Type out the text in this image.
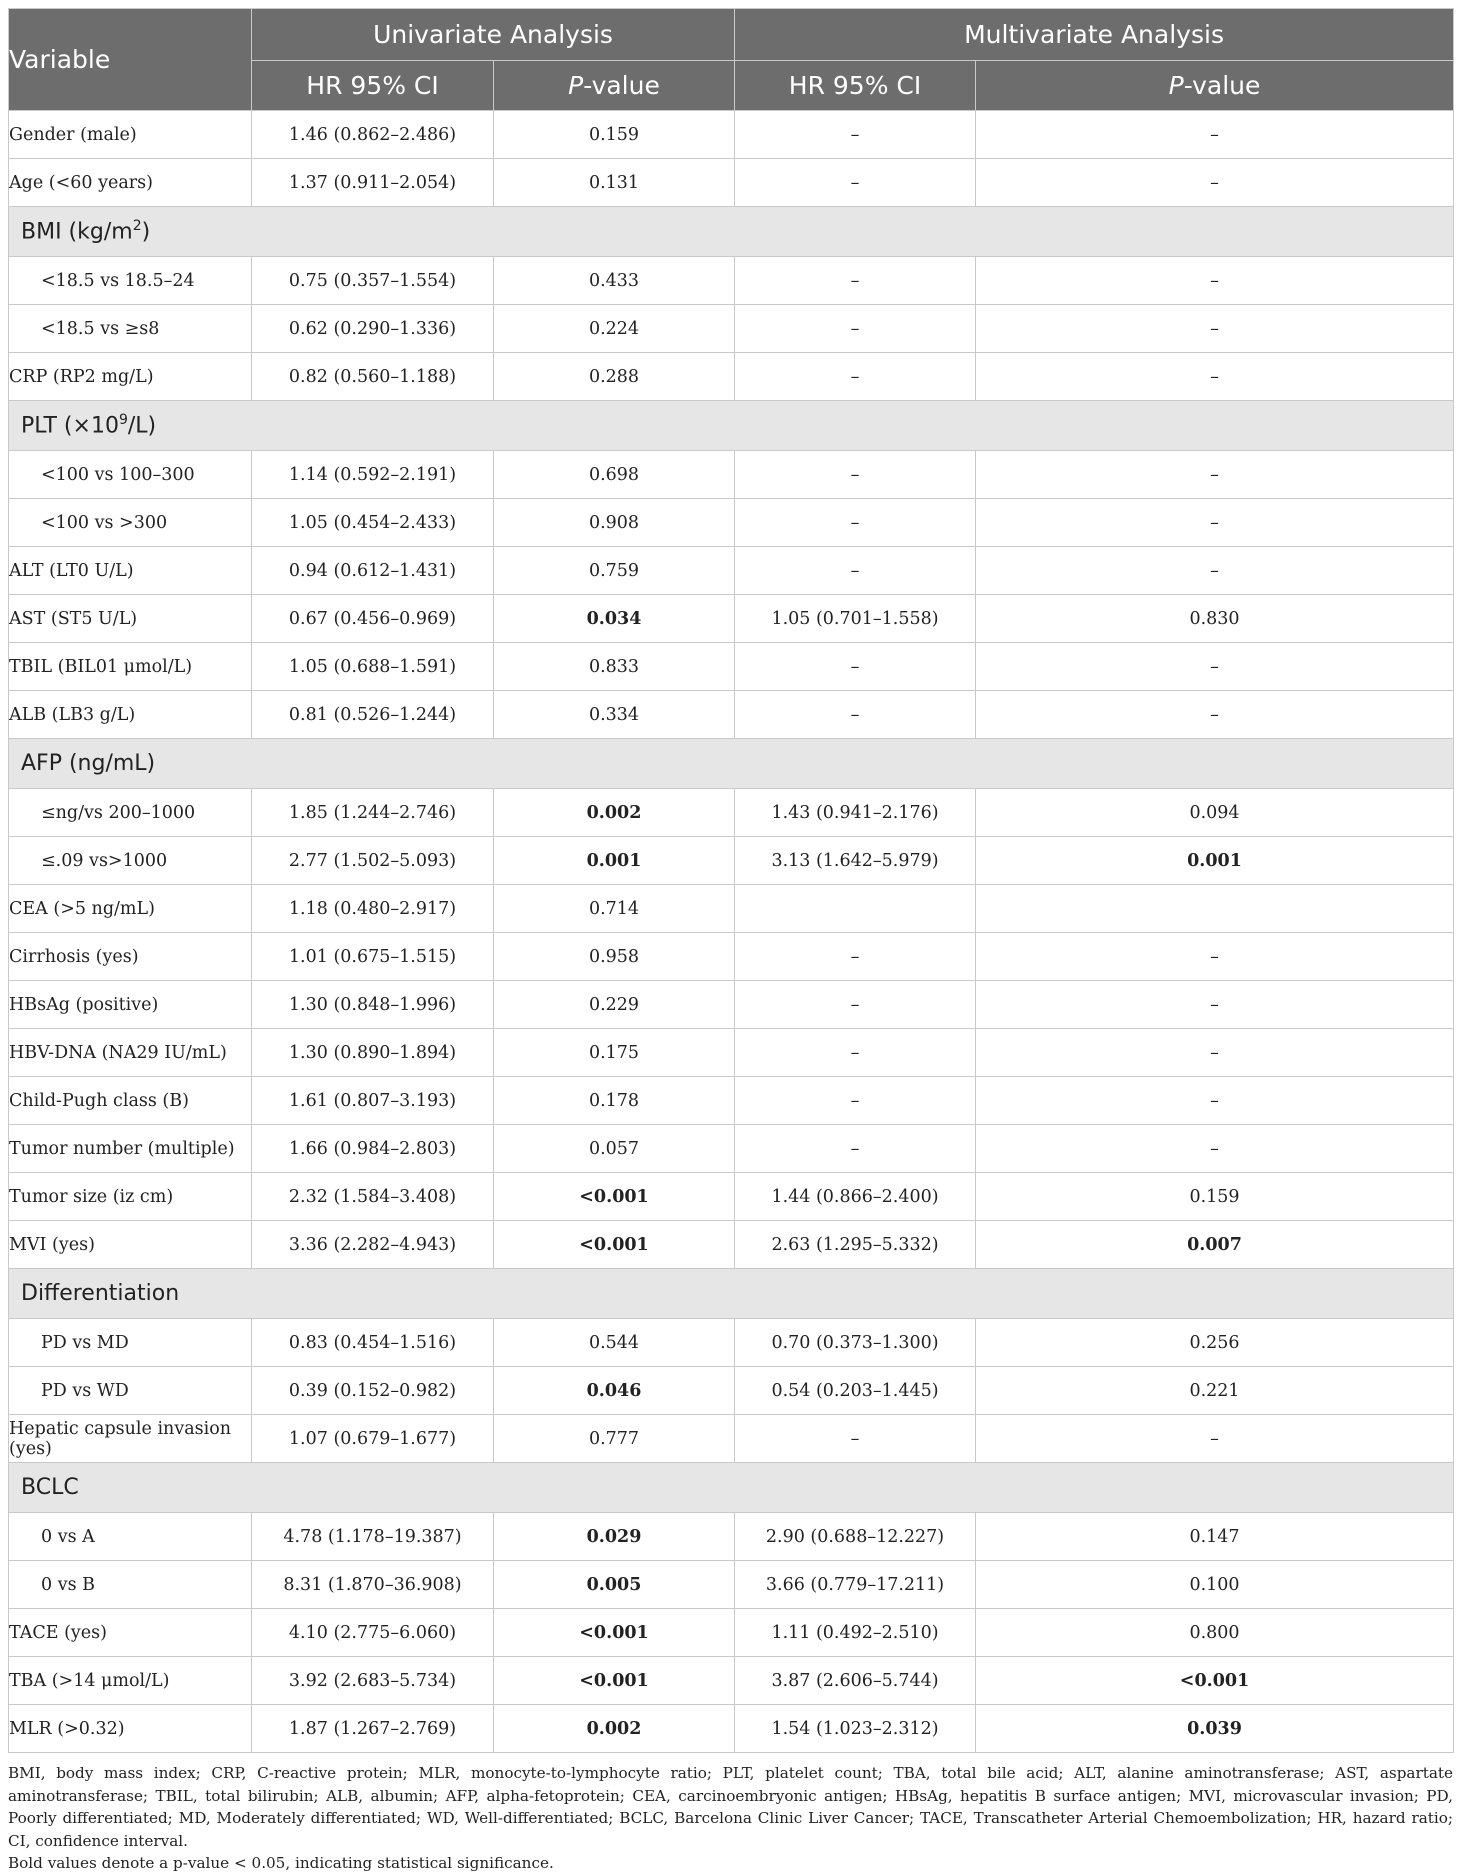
Variable	Univariate Analysis		Multivariate Analysis	
	HR 95% CI	P-value	HR 95% CI	P-value
Gender (male)	1.46 (0.862–2.486)	0.159	–	–
Age (<60 years)	1.37 (0.911–2.054)	0.131	–	–
BMI $(kg/m^2)$				
<18.5 vs 18.5–24	0.75 (0.357–1.554)	0.433	–	–
<18.5 vs ≥s8	0.62 (0.290–1.336)	0.224	–	–
CRP (RP2 mg/L)	0.82 (0.560–1.188)	0.288	–	–
PLT $(\times 10^9/L)$				
<100 vs 100–300	1.14 (0.592–2.191)	0.698	–	–
<100 vs >300	1.05 (0.454–2.433)	0.908	–	–
ALT (LT0 U/L)	0.94 (0.612–1.431)	0.759	–	–
AST (ST5 U/L)	0.67 (0.456–0.969)	0.034	1.05 (0.701–1.558)	0.830
TBIL (BIL01 μmol/L)	1.05 (0.688–1.591)	0.833	–	–
ALB (LB3 g/L)	0.81 (0.526–1.244)	0.334	–	–
AFP (ng/mL)				
≤ng/vs 200–1000	1.85 (1.244–2.746)	0.002	1.43 (0.941–2.176)	0.094
≤.09 vs>1000	2.77 (1.502–5.093)	0.001	3.13 (1.642–5.979)	0.001
CEA (>5 ng/mL)	1.18 (0.480–2.917)	0.714		
Cirrhosis (yes)	1.01 (0.675–1.515)	0.958	–	–
HBsAg (positive)	1.30 (0.848–1.996)	0.229	–	–
HBV-DNA (NA29 IU/mL)	1.30 (0.890–1.894)	0.175	–	–
Child-Pugh class (B)	1.61 (0.807–3.193)	0.178	–	–
Tumor number (multiple)	1.66 (0.984–2.803)	0.057	–	–
Tumor size (iz cm)	2.32 (1.584–3.408)	<0.001	1.44 (0.866–2.400)	0.159
MVI (yes)	3.36 (2.282–4.943)	<0.001	2.63 (1.295–5.332)	0.007
Differentiation				
PD vs MD	0.83 (0.454–1.516)	0.544	0.70 (0.373–1.300)	0.256
PD vs WD	0.39 (0.152–0.982)	0.046	0.54 (0.203–1.445)	0.221
Hepatic capsule invasion (yes)	1.07 (0.679–1.677)	0.777	–	–
BCLC				
0 vs A	4.78 (1.178–19.387)	0.029	2.90 (0.688–12.227)	0.147
0 vs B	8.31 (1.870–36.908)	0.005	3.66 (0.779–17.211)	0.100
TACE (yes)	4.10 (2.775–6.060)	<0.001	1.11 (0.492–2.510)	0.800
TBA (>14 μmol/L)	3.92 (2.683–5.734)	<0.001	3.87 (2.606–5.744)	<0.001
MLR (>0.32)	1.87 (1.267–2.769)	0.002	1.54 (1.023–2.312)	0.039
BMI, body mass index; CRP, C-reactive protein; MLR, monocyte-to-lymphocyte ratio; PLT, platelet count; TBA, total bile acid; ALT, alanine aminotransferase; AST, aspartate aminotransferase; TBIL, total bilirubin; ALB, albumin; AFP, alpha-fetoprotein; CEA, carcinoembryonic antigen; HBsAg, hepatitis B surface antigen; MVI, microvascular invasion; PD, Poorly differentiated; MD, Moderately differentiated; WD, Well-differentiated; BCLC, Barcelona Clinic Liver Cancer; TACE, Transcatheter Arterial Chemoembolization; HR, hazard ratio; CI, confidence interval.
Bold values denote a p-value < 0.05, indicating statistical significance.
